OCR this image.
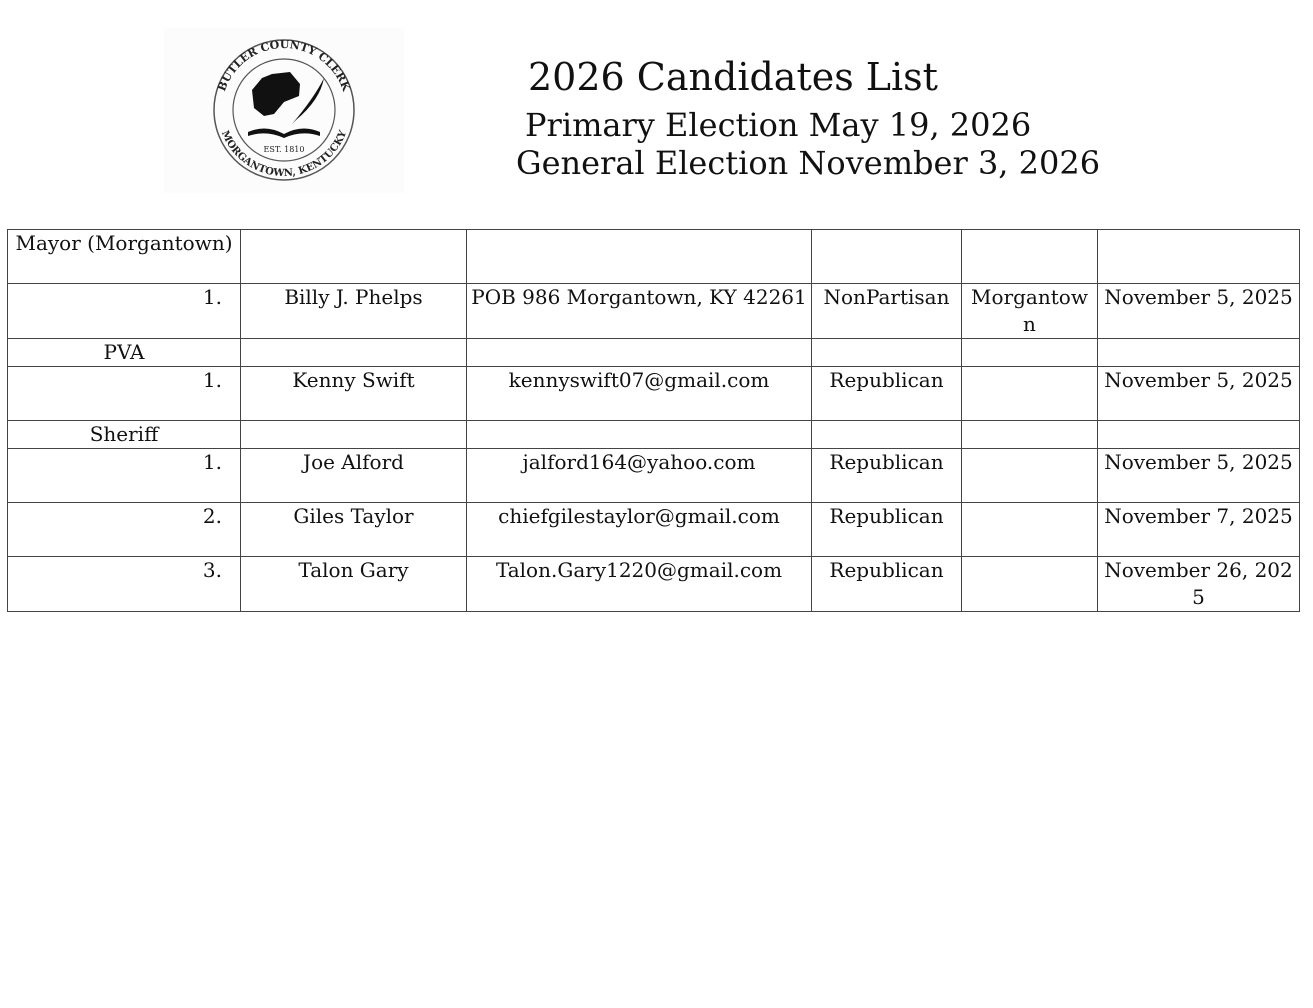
BUTLER COUNTY CLERK
MORGANTOWN, KENTUCKY
EST. 1810
2026 Candidates List
Primary Election May 19, 2026
General Election November 3, 2026
Mayor (Morgantown)					
1.	Billy J. Phelps	POB 986 Morgantown, KY 42261	NonPartisan	Morgantown	November 5, 2025
PVA					
1.	Kenny Swift	kennyswift07@gmail.com	Republican		November 5, 2025
Sheriff					
1.	Joe Alford	jalford164@yahoo.com	Republican		November 5, 2025
2.	Giles Taylor	chiefgilestaylor@gmail.com	Republican		November 7, 2025
3.	Talon Gary	Talon.Gary1220@gmail.com	Republican		November 26, 2025
